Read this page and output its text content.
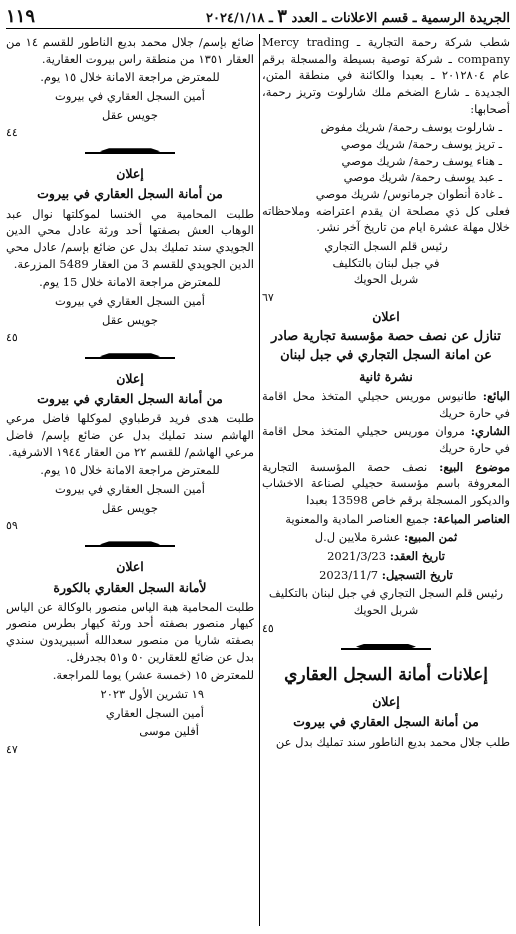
الجريدة الرسمية ـ قسم الاعلانات ـ العدد ٣ ـ ٢٠٢٤/١/١٨
١١٩

شطب شركة رحمة التجارية ـ Mercy trading company ـ شركة توصية بسيطة والمسجلة برقم عام ٢٠١٢٨٠٤ ـ بعبدا والكائنة في منطقة المتن، الجديدة ـ شارع الضخم ملك شارلوت وتريز رحمة، أصحابها:

ـ شارلوت يوسف رحمة/ شريك مفوض

ـ تريز يوسف رحمة/ شريك موصي

ـ هناء يوسف رحمة/ شريك موصي

ـ عبد يوسف رحمة/ شريك موصي

ـ غادة أنطوان جرمانوس/ شريك موصي

فعلى كل ذي مصلحة ان يقدم اعتراضه وملاحظاته خلال مهلة عشرة ايام من تاريخ آخر نشر.

رئيس قلم السجل التجاري

في جبل لبنان بالتكليف

شربل الحويك

٦٧

اعلان

تنازل عن نصف حصة مؤسسة تجارية صادر عن امانة السجل التجاري في جبل لبنان

نشرة ثانية

البائع: طانيوس موريس حجيلي المتخذ محل اقامة في حارة حريك

الشاري: مروان موريس حجيلي المتخذ محل اقامة في حارة حريك

موضوع البيع: نصف حصة المؤسسة التجارية المعروفة باسم مؤسسة حجيلي لصناعة الاخشاب والديكور المسجلة برقم خاص 13598 بعبدا

العناصر المباعة: جميع العناصر المادية والمعنوية

ثمن المبيع: عشرة ملايين ل.ل

تاريخ العقد: 2021/3/23

تاريخ التسجيل: 2023/11/7

رئيس قلم السجل التجاري في جبل لبنان بالتكليف

شربل الحويك

٤٥

إعلانات أمانة السجل العقاري

إعلان

من أمانة السجل العقاري في بيروت

طلب جلال محمد بديع الناطور سند تمليك بدل عن

ضائع بإسم/ جلال محمد بديع الناطور للقسم ١٤ من العقار ١٣٥١ من منطقة راس بيروت العقارية.

للمعترض مراجعة الامانة خلال ١٥ يوم.

أمين السجل العقاري في بيروت

جويس عقل

٤٤

إعلان

من أمانة السجل العقاري في بيروت

طلبت المحامية مي الخنسا لموكلتها نوال عبد الوهاب العش بصفتها أحد ورثة عادل محي الدين الجويدي سند تمليك بدل عن ضائع بإسم/ عادل محي الدين الجويدي للقسم 3 من العقار 5489 المزرعة.

للمعترض مراجعة الامانة خلال 15 يوم.

أمين السجل العقاري في بيروت

جويس عقل

٤٥

إعلان

من أمانة السجل العقاري في بيروت

طلبت هدى فريد قرطباوي لموكلها فاضل مرعي الهاشم سند تمليك بدل عن ضائع بإسم/ فاضل مرعي الهاشم/ للقسم ٢٢ من العقار ١٩٤٤ الاشرفية.

للمعترض مراجعة الامانة خلال ١٥ يوم.

أمين السجل العقاري في بيروت

جويس عقل

٥٩

اعلان

لأمانة السجل العقاري بالكورة

طلبت المحامية هبة الياس منصور بالوكالة عن الياس كيهار منصور بصفته أحد ورثة كيهار بطرس منصور بصفته شاريا من منصور سعدالله أسبيريدون سندي بدل عن ضائع للعقارين ٥٠ و٥١ بجدرفل.

للمعترض ١٥ (خمسة عشر) يوما للمراجعة.

١٩ تشرين الأول ٢٠٢٣

أمين السجل العقاري

أفلين موسى

٤٧
